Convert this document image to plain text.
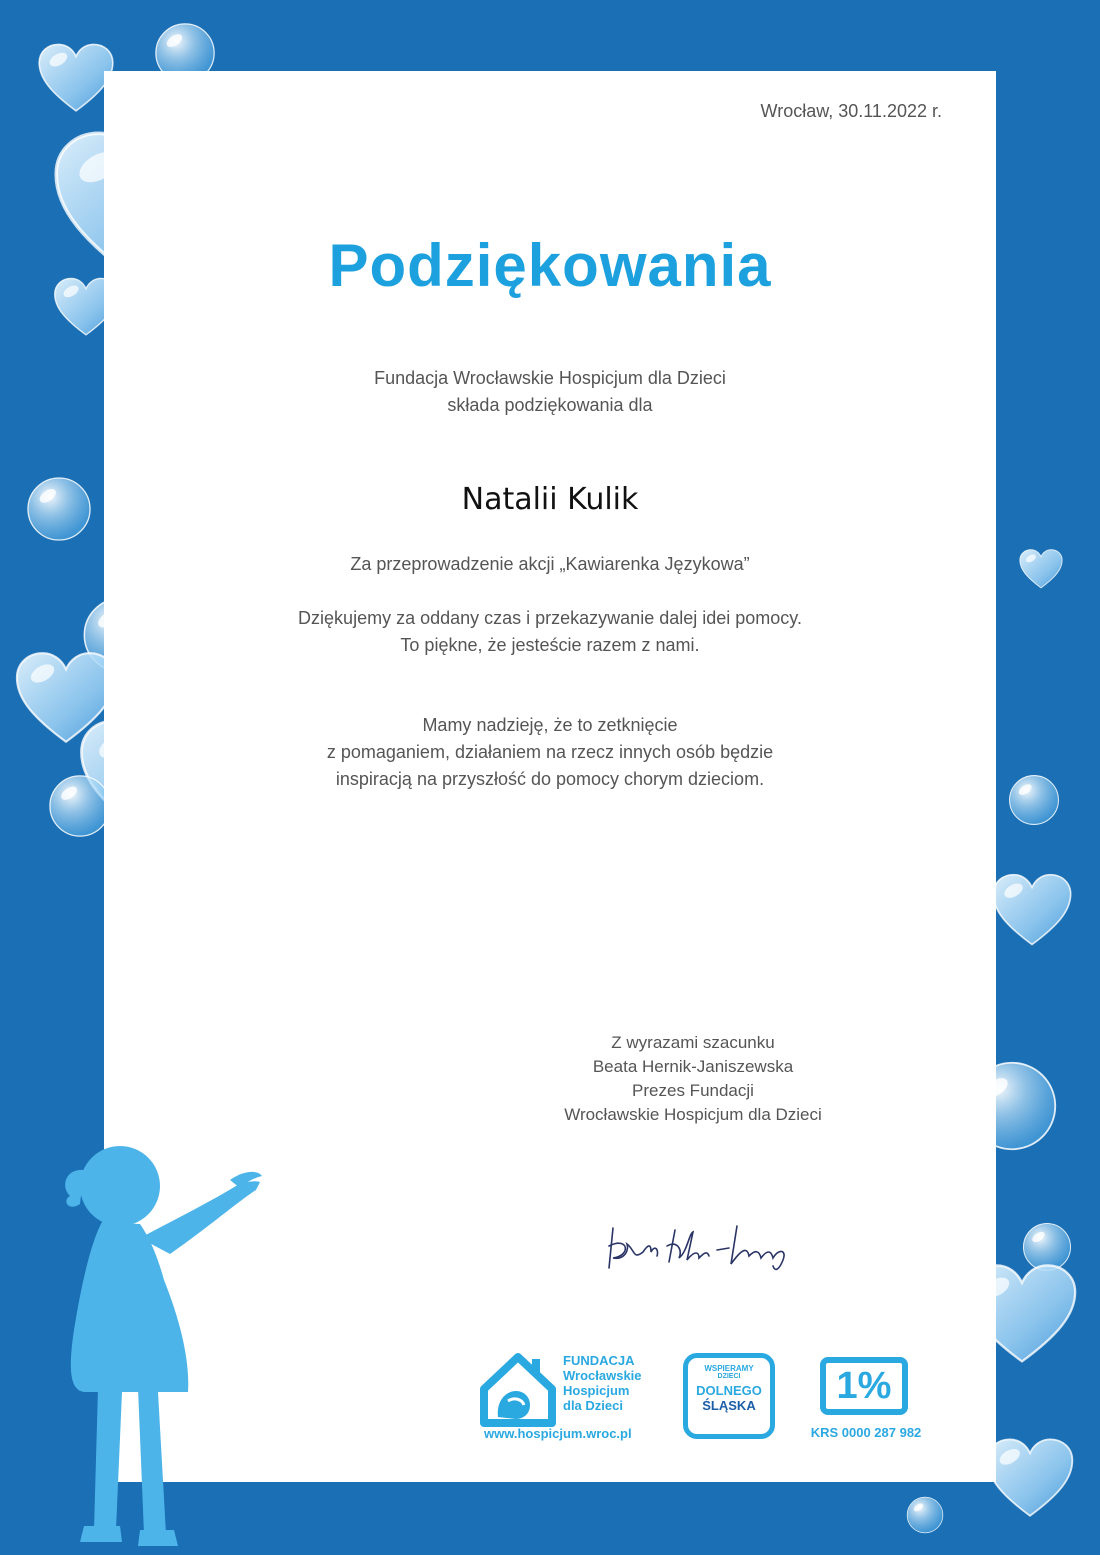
Wrocław, 30.11.2022 r.

Podziękowania

Fundacja Wrocławskie Hospicjum dla Dzieci

składa podziękowania dla

Natalii Kulik

Za przeprowadzenie akcji „Kawiarenka Językowa”

Dziękujemy za oddany czas i przekazywanie dalej idei pomocy.

To piękne, że jesteście razem z nami.

Mamy nadzieję, że to zetknięcie

z pomaganiem, działaniem na rzecz innych osób będzie

inspiracją na przyszłość do pomocy chorym dzieciom.

Z wyrazami szacunku

Beata Hernik-Janiszewska

Prezes Fundacji

Wrocławskie Hospicjum dla Dzieci

FUNDACJA
Wrocławskie
Hospicjum
dla Dzieci
www.hospicjum.wroc.pl
WSPIERAMY
DZIECI
DOLNEGO
ŚLĄSKA	1%
KRS 0000 287 982
